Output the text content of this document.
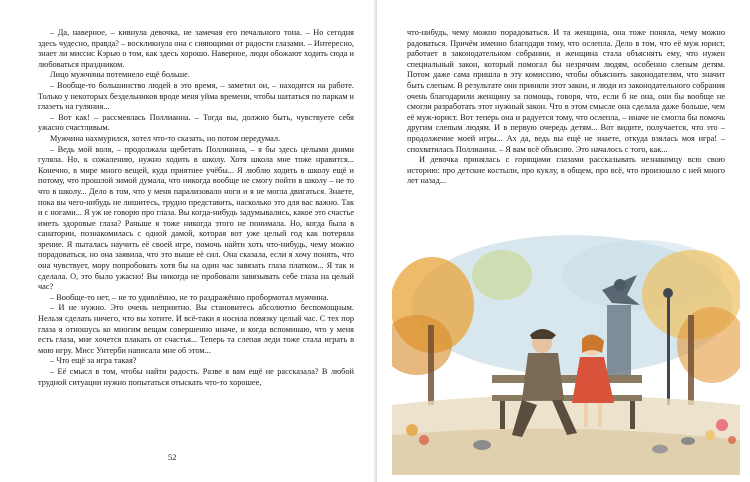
– Да, наверное, – кивнула девочка, не замечая его печального тона. – Но сегодня здесь чудесно, правда? – воскликнула она с сияющими от радости глазами. – Интересно, знает ли миссис Кэрью о том, как здесь хорошо. Наверное, люди обожают ходить сюда и любоваться праздником.

Лицо мужчины потемнело ещё больше.

– Вообще-то большинство людей в это время, – заметил он, – находятся на работе. Только у некоторых бездельников вроде меня уйма времени, чтобы шататься по паркам и глазеть на гуляния...

– Вот как! – рассмеялась Поллианна. – Тогда вы, должно быть, чувствуете себя ужасно счастливым.

Мужчина нахмурился, хотел что-то сказать, но потом передумал.

– Ведь мой воля, – продолжала щебетать Поллианна, – я бы здесь целыми днями гуляла. Но, к сожалению, нужно ходить в школу. Хотя школа мне тоже нравится... Конечно, в мире много вещей, куда приятнее учёбы... Я люблю ходить в школу ещё и потому, что прошлой зимой думала, что никогда вообще не смогу пойти в школу – не то что в школу... Дело в том, что у меня парализовало ноги и я не могла двигаться. Знаете, пока вы чего-нибудь не лишитесь, трудно представить, насколько это для вас важно. Так и с ногами... Я уж не говорю про глаза. Вы когда-нибудь задумывались, какое это счастье иметь здоровые глаза? Раньше я тоже никогда этого не понимала. Но, когда была в санатории, познакомилась с одной дамой, которая вот уже целый год как потеряла зрение. Я пыталась научить её своей игре, помочь найти хоть что-нибудь, чему можно порадоваться, но она заявила, что это выше её сил. Она сказала, если я хочу понять, что она чувствует, мору попробовать хотя бы на один час завязать глаза платком... Я так и сделала. О, это было ужасно! Вы никогда не пробовали завязывать себе глаза на целый час?

– Вообще-то нет, – не то удивлённо, не то раздражённо пробормотал мужчина.

– И не нужно. Это очень неприятно. Вы становитесь абсолютно беспомощным. Нельзя сделать ничего, что вы хотите. И всё-таки я носила повязку целый час. С тех пор глаза я отношусь ко многим вещам совершенно иначе, и когда вспоминаю, что у меня есть глаза, мне хочется плакать от счастья... Теперь та слепая леди тоже стала играть в мою игру. Мисс Унтерби написала мне об этом...

– Что ещё за игра такая?

– Её смысл в том, чтобы найти радость. Разве я вам ещё не рассказала? В любой трудной ситуации нужно попытаться отыскать что-то хорошее,

52

что-нибудь, чему можно порадоваться. И та женщина, она тоже поняла, чему можно радоваться. Причём именно благодаря тому, что ослепла. Дело в том, что её муж юрист, работает в законодательном собрании, и женщина стала объяснять ему, что нужен специальный закон, который помогал бы незрячим людям, особенно слепым детям. Потом даже сама пришла в эту комиссию, чтобы объяснить законодателям, что значит быть слепым. В результате они приняли этот закон, и люди из законодательного собрания очень благодарили женщину за помощь, говоря, что, если б не она, они бы вообще не смогли разработать этот нужный закон. Что в этом смысле она сделала даже больше, чем её муж-юрист. Вот теперь она и радуется тому, что ослепла, – иначе не смогла бы помочь другим слепым людям. И в первую очередь детям... Вот видите, получается, что это – продолжение моей игры... Ах да, ведь вы ещё не знаете, откуда взялась моя игра! – спохватилась Поллианна. – Я вам всё объясню. Это началось с того, как...

И девочка принялась с горящими глазами рассказывать незнакомцу всю свою историю: про детские костыли, про куклу, в общем, про всё, что произошло с ней много лет назад...
